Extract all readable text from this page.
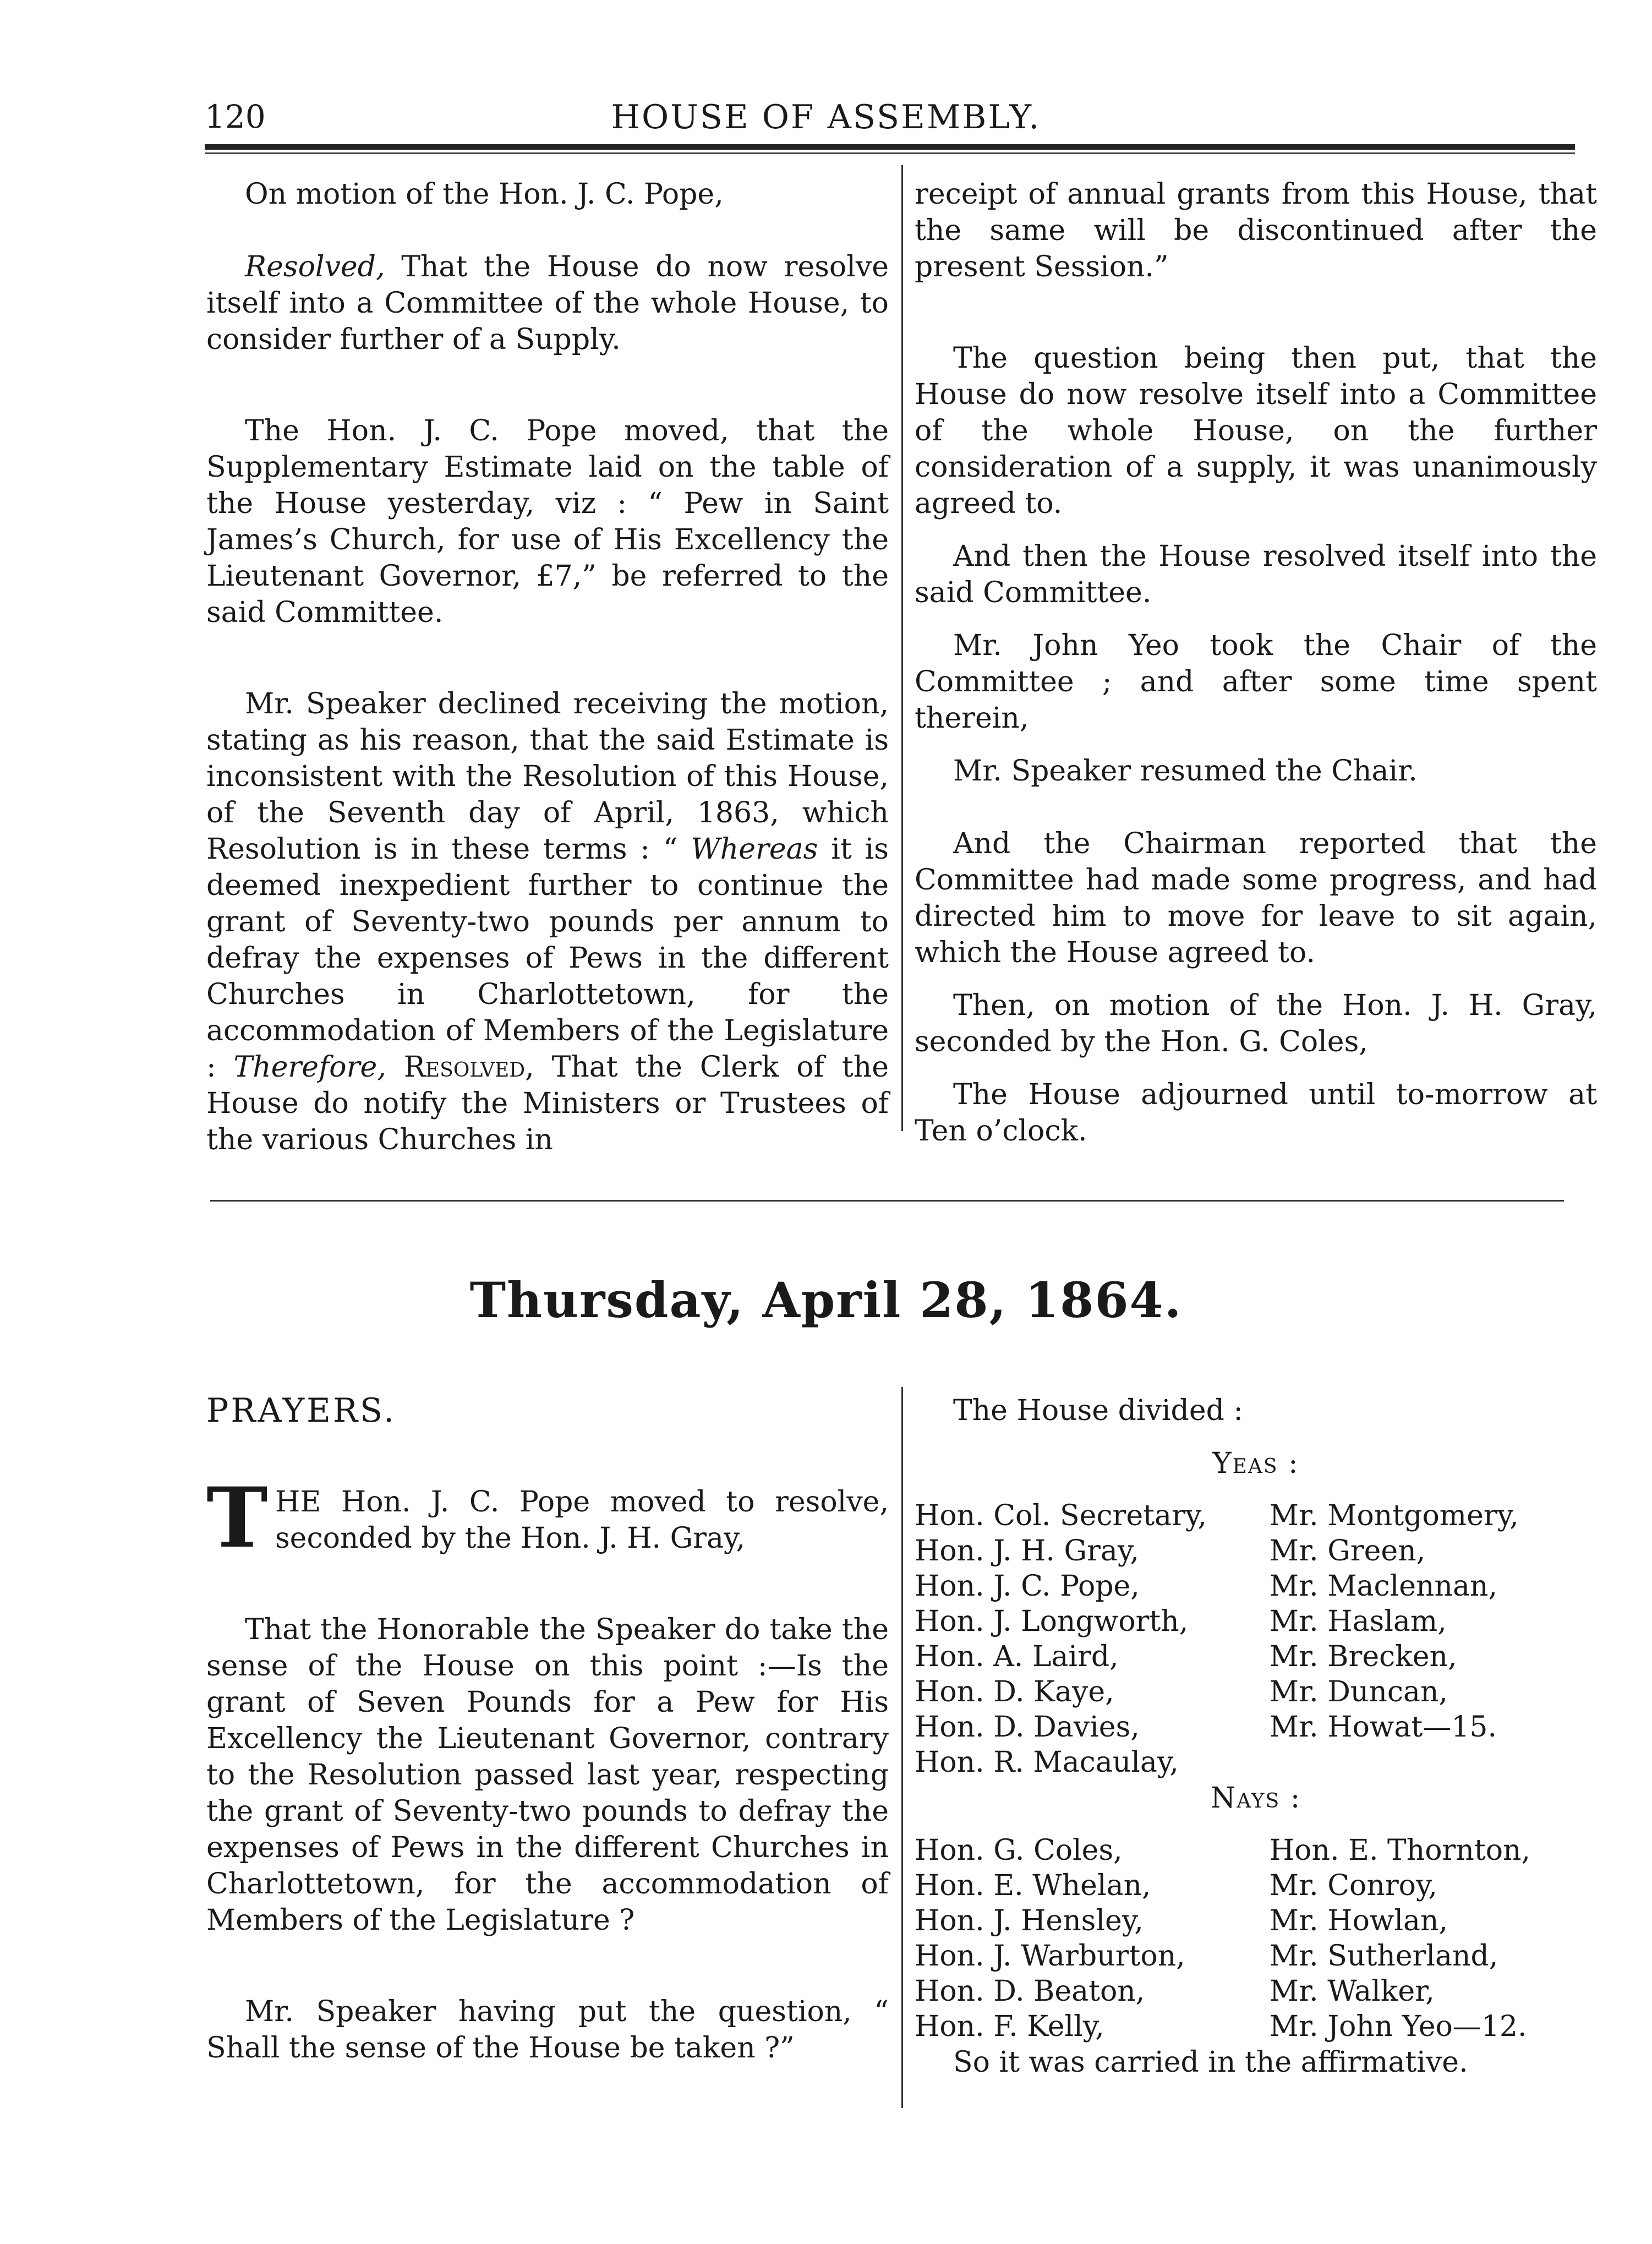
120	HOUSE OF ASSEMBLY.

On motion of the Hon. J. C. Pope,

Resolved, That the House do now resolve itself into a Committee of the whole House, to consider further of a Supply.

The Hon. J. C. Pope moved, that the Supplementary Estimate laid on the table of the House yesterday, viz : “ Pew in Saint James’s Church, for use of His Excellency the Lieutenant Governor, £7,” be referred to the said Committee.

Mr. Speaker declined receiving the motion, stating as his reason, that the said Estimate is inconsistent with the Resolution of this House, of the Seventh day of April, 1863, which Resolution is in these terms : “ Whereas it is deemed inexpedient further to continue the grant of Seventy-two pounds per annum to defray the expenses of Pews in the different Churches in Charlottetown, for the accommodation of Members of the Legislature : Therefore, Resolved, That the Clerk of the House do notify the Ministers or Trustees of the various Churches in

receipt of annual grants from this House, that the same will be discontinued after the present Session.”

The question being then put, that the House do now resolve itself into a Committee of the whole House, on the further consideration of a supply, it was unanimously agreed to.

And then the House resolved itself into the said Committee.

Mr. John Yeo took the Chair of the Committee ; and after some time spent therein,

Mr. Speaker resumed the Chair.

And the Chairman reported that the Committee had made some progress, and had directed him to move for leave to sit again, which the House agreed to.

Then, on motion of the Hon. J. H. Gray, seconded by the Hon. G. Coles,

The House adjourned until to-morrow at Ten o’clock.

Thursday, April 28, 1864.

PRAYERS.

T HE Hon. J. C. Pope moved to resolve, seconded by the Hon. J. H. Gray,

That the Honorable the Speaker do take the sense of the House on this point :—Is the grant of Seven Pounds for a Pew for His Excellency the Lieutenant Governor, contrary to the Resolution passed last year, respecting the grant of Seventy-two pounds to defray the expenses of Pews in the different Churches in Charlottetown, for the accommodation of Members of the Legislature ?

Mr. Speaker having put the question, “ Shall the sense of the House be taken ?”

The House divided :

Yeas :

Hon. Col. Secretary,	Mr. Montgomery,
Hon. J. H. Gray,	Mr. Green,
Hon. J. C. Pope,	Mr. Maclennan,
Hon. J. Longworth,	Mr. Haslam,
Hon. A. Laird,	Mr. Brecken,
Hon. D. Kaye,	Mr. Duncan,
Hon. D. Davies,	Mr. Howat—15.
Hon. R. Macaulay,	

Nays :

Hon. G. Coles,	Hon. E. Thornton,
Hon. E. Whelan,	Mr. Conroy,
Hon. J. Hensley,	Mr. Howlan,
Hon. J. Warburton,	Mr. Sutherland,
Hon. D. Beaton,	Mr. Walker,
Hon. F. Kelly,	Mr. John Yeo—12.

So it was carried in the affirmative.
